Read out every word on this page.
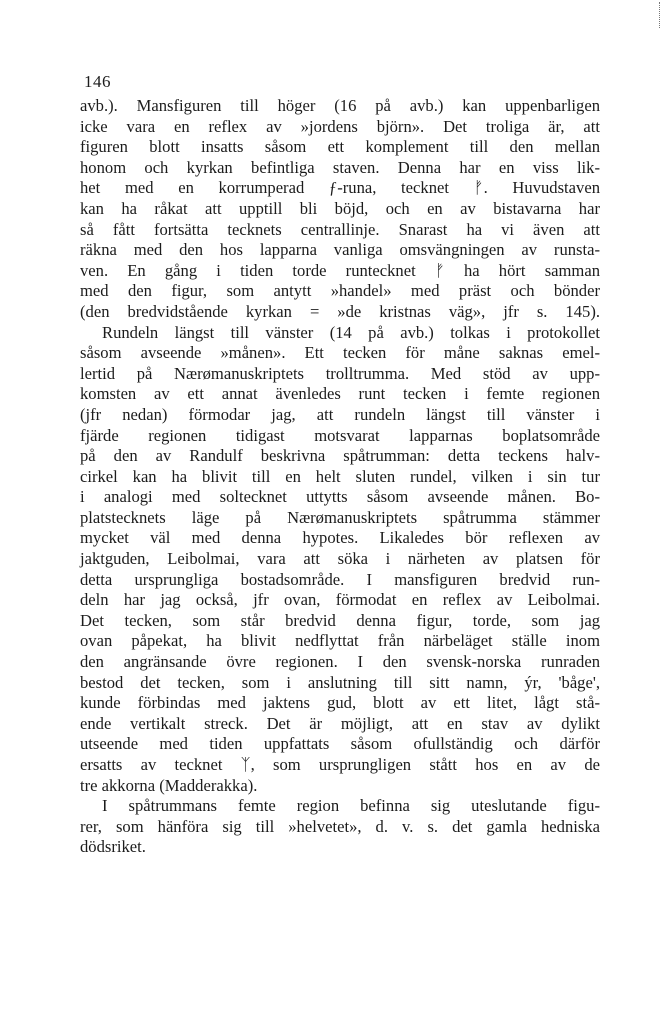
146
avb.). Mansfiguren till höger (16 på avb.) kan uppenbarligen
icke vara en reflex av »jordens björn». Det troliga är, att
figuren blott insatts såsom ett komplement till den mellan
honom och kyrkan befintliga staven. Denna har en viss lik-
het med en korrumperad ƒ-runa, tecknet ᚠ. Huvudstaven
kan ha råkat att upptill bli böjd, och en av bistavarna har
så fått fortsätta tecknets centrallinje. Snarast ha vi även att
räkna med den hos lapparna vanliga omsvängningen av runsta-
ven. En gång i tiden torde runtecknet ᚠ ha hört samman
med den figur, som antytt »handel» med präst och bönder
(den bredvidstående kyrkan = »de kristnas väg», jfr s. 145).
Rundeln längst till vänster (14 på avb.) tolkas i protokollet
såsom avseende »månen». Ett tecken för måne saknas emel-
lertid på Nærømanuskriptets trolltrumma. Med stöd av upp-
komsten av ett annat ävenledes runt tecken i femte regionen
(jfr nedan) förmodar jag, att rundeln längst till vänster i
fjärde regionen tidigast motsvarat lapparnas boplatsområde
på den av Randulf beskrivna spåtrumman: detta teckens halv-
cirkel kan ha blivit till en helt sluten rundel, vilken i sin tur
i analogi med soltecknet uttytts såsom avseende månen. Bo-
platstecknets läge på Nærømanuskriptets spåtrumma stämmer
mycket väl med denna hypotes. Likaledes bör reflexen av
jaktguden, Leibolmai, vara att söka i närheten av platsen för
detta ursprungliga bostadsområde. I mansfiguren bredvid run-
deln har jag också, jfr ovan, förmodat en reflex av Leibolmai.
Det tecken, som står bredvid denna figur, torde, som jag
ovan påpekat, ha blivit nedflyttat från närbeläget ställe inom
den angränsande övre regionen. I den svensk-norska runraden
bestod det tecken, som i anslutning till sitt namn, ýr, 'båge',
kunde förbindas med jaktens gud, blott av ett litet, lågt stå-
ende vertikalt streck. Det är möjligt, att en stav av dylikt
utseende med tiden uppfattats såsom ofullständig och därför
ersatts av tecknet ᛉ, som ursprungligen stått hos en av de
tre akkorna (Madderakka).
I spåtrummans femte region befinna sig uteslutande figu-
rer, som hänföra sig till »helvetet», d. v. s. det gamla hedniska
dödsriket.
